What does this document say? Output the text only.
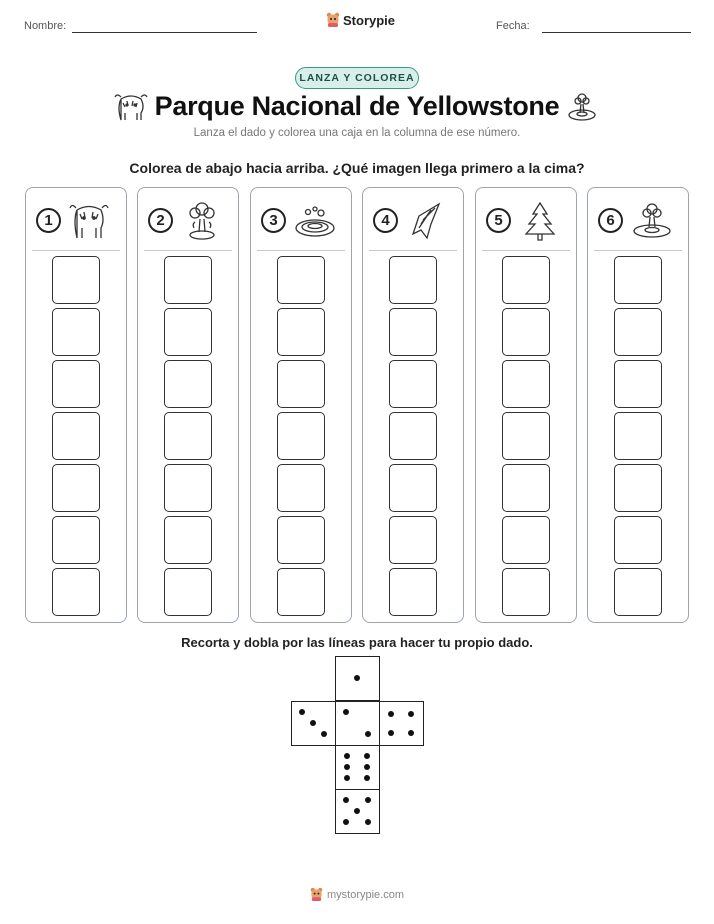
Nombre:	Storypie	Fecha:
LANZA Y COLOREA
Parque Nacional de Yellowstone
Lanza el dado y colorea una caja en la columna de ese número.
Colorea de abajo hacia arriba. ¿Qué imagen llega primero a la cima?
1	2	3	4	5	6
Recorta y dobla por las líneas para hacer tu propio dado.
mystorypie.com
